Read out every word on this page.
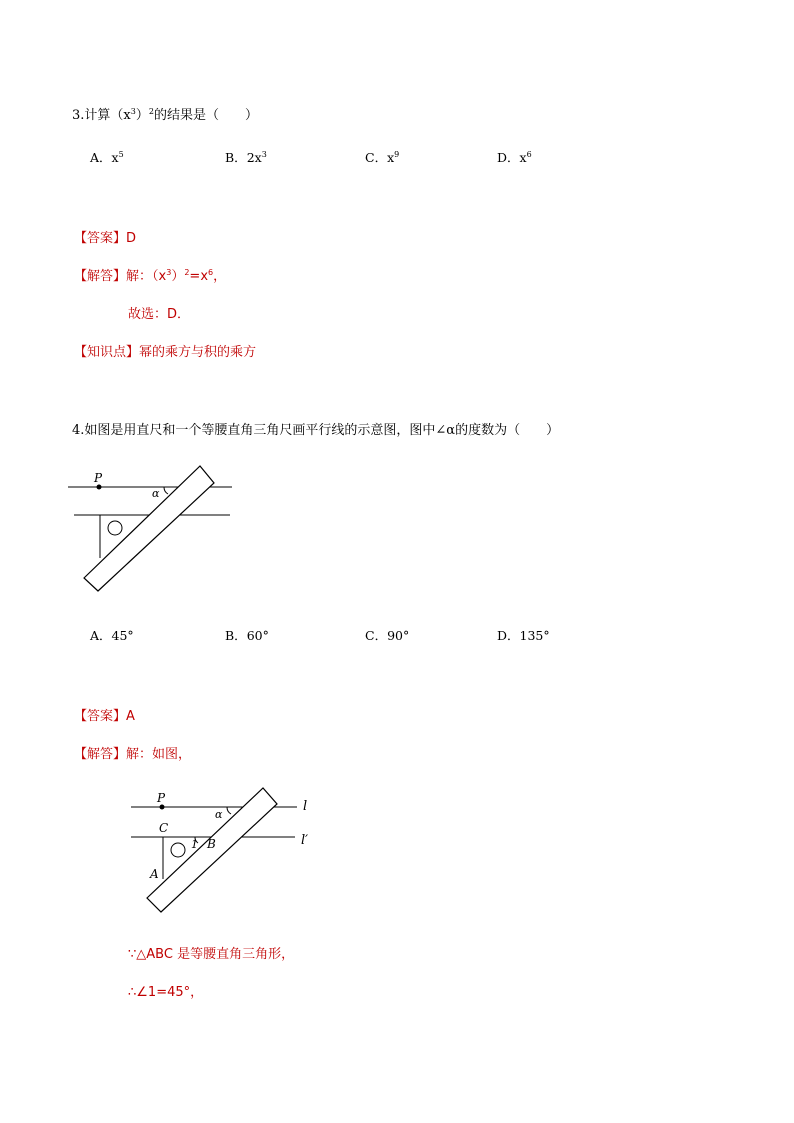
3.计算$(x^3)^2$的结果是（　　）
A．$x^5$	B．$2x^3$	C．$x^9$	D．$x^6$
【答案】D
【解答】解：$(x^3)^2=x^6$，
故选：D．
【知识点】幂的乘方与积的乘方
4.如图是用直尺和一个等腰直角三角尺画平行线的示意图，图中∠α的度数为（　　）
P
α
A．45°	B．60°	C．90°	D．135°
【答案】A
【解答】解：如图，
P
α
C
1 B
A
l
l′
∵△ABC 是等腰直角三角形，
∴∠1=45°，
